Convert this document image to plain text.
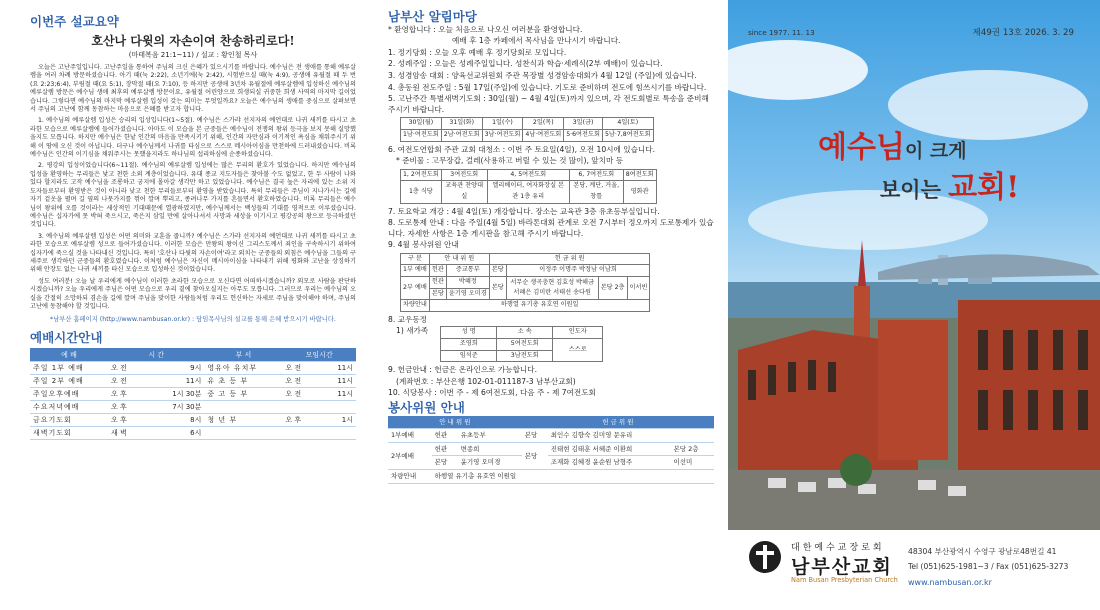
이번주 설교요약
호산나 다윗의 자손이여 찬송하리로다!
(마태복음 21:1~11) / 설교 : 황인철 목사

오늘은 고난주일입니다. 고난주일을 통하여 주님의 크신 은혜가 있으시기를 바랍니다. 예수님은 전 생애를 통해 예루살렘을 여러 차례 방문하셨습니다. 아기 때(눅 2:22), 소년기에(눅 2:42), 시험받으실 때(눅 4:9), 공생애 유월절 때 두 번(요 2:23;6:4), 부림절 때(요 5:1), 장막절 때(요 7:10), 등 하지만 공생애 3년차 유월절에 예루살렘에 입성하신 예수님의 예루살렘 방문은 예수님 생애 최후의 예루살렘 방문이요, 유월절 어린양으로 희생되실 귀중한 희생 사역의 마지막 길이었습니다. 그렇다면 예수님의 마지막 예루살렘 입성이 갖는 의미는 무엇일까요? 오늘은 예수님의 생애를 중심으로 살펴보면서 주님의 고난에 함께 동참하는 마음으로 은혜를 받고자 합니다.

1. 예수님의 예루살렘 입성은 승리의 입성입니다(1~5절). 예수님은 스가랴 선지자의 예언대로 나귀 새끼를 타시고 초라한 모습으로 예루살렘에 들어가셨습니다. 아마도 이 모습을 본 군중들은 예수님이 전쟁의 왕위 등극을 보지 못해 실망했을지도 모릅니다. 하지만 예수님은 한낱 인간의 마음을 만족시키기 위해, 인간의 자만심과 이기적인 욕심을 채워주시기 위해 이 땅에 오신 것이 아닙니다. 더구나 예수님께서 나귀를 타심으로 스스로 메시아이심을 만천하에 드러내셨습니다. 비록 예수님은 인간의 이기심을 채워주시는 못했을지라도 하나님의 섭리하심에 순종하셨습니다.

2. 평강의 입성이었습니다(6~11절). 예수님의 예루살렘 입성에는 많은 무리의 환호가 있었습니다. 하지만 예수님의 입성을 환영하는 무리들은 낯고 천한 소외 계층이었습니다. 유대 종교 지도자들은 찾아볼 수도 없었고, 한 두 사람이 나와 있다 할지라도 고작 예수님을 조롱하고 궁지에 몰아갈 생각만 하고 있었습니다. 예수님은 결국 높은 자리에 있는 소위 지도자들로부터 환영받은 것이 아니라 낮고 천한 무리들로부터 환영을 받았습니다. 특히 무리들은 주님이 지나가시는 길에 자기 겉옷을 펼며 길 옆의 나뭇가지를 꺾어 깔며 뿌리고, 종려나무 가지를 흔들면서 환호하였습니다. 비록 무리들은 예수님이 왕위에 오를 것이라는 세상적인 기대때문에 열광하였지만, 예수님께서는 백성들의 기대를 영적으로 이루셨습니다. 예수님은 십자가에 못 박혀 죽으시고, 죽은지 삼일 만에 살아나셔서 사망과 세상을 이기시고 평강공의 왕으로 등극하셨던 것입니다.

3. 예수님의 예루살렘 입성은 어떤 의미와 교훈을 줍니까? 예수님은 스가랴 선지자의 예언대로 나귀 새끼를 타시고 초라한 모습으로 예루살렘 성으로 들어가셨습니다. 이러한 모습은 만왕의 왕이신 그리스도께서 죄인을 구속하시기 위하여 십자가에 죽으실 것을 나타내신 것입니다. 특히 '호산나 다윗의 자손이여'라고 외치는 군중들의 외침은 예수님을 그들의 구세주로 생각하던 군중들의 환호였습니다. 이처럼 예수님은 자신이 메시아이심을 나타내기 위해 평화와 고난을 상징하기 위해 안장도 없는 나귀 새끼를 타신 모습으로 입성하신 것이었습니다.

성도 여러분! 오늘 날 우리에게 예수님이 이러한 초라한 모습으로 오신다면 어떠하시겠습니까? 외모로 사람을 판단하시겠습니까? 오늘 우리에게 주님은 어떤 모습으로 우리 곁에 찾아오실지는 아무도 모릅니다. 그러므로 우리는 예수님의 오실을 간절히 소망하되 겸손을 길에 깔며 주님을 맞이한 사람들처럼 우리도 헌신하는 자세로 주님을 맞이해야 하며, 주님의 고난에 동참해야 할 것입니다.

*남부산 홈페이지 (http://www.nambusan.or.kr) : 담임목사님의 설교를 통해 은혜 받으시기 바랍니다.
예배시간안내
예 배	시 간		부 서	모임시간	
주일 1부 예배	오 전	9시	영유아 유치부	오 전	11시
주일 2부 예배	오 전	11시	유 초 등 부	오 전	11시
주일오후예배	오 후	1시 30분	중 고 등 부	오 전	11시
수요저녁예배	오 후	7시 30분			
금요기도회	오 후	8시	청 년 부	오 후	1시
새벽기도회	새 벽	6시			
남부산 알림마당
* 환영합니다 : 오늘 처음으로 나오신 여러분을 환영합니다.
예배 후 1층 카페에서 목사님을 만나시기 바랍니다.
1. 정기당회 : 오늘 오후 예배 후 정기당회로 모입니다.
2. 성례주일 : 오늘은 성례주일입니다. 성찬식과 학습·세례식(2부 예배)이 있습니다.
3. 성경암송 대회 : 양육선교위원회 주관 목장별 성경암송대회가 4월 12일 (주일)에 있습니다.
4. 총동원 전도주일 : 5월 17일(주일)에 있습니다. 기도로 준비하며 전도에 힘쓰시기를 바랍니다.
5. 고난주간 특별새벽기도회 : 30일(월) ~ 4월 4일(토)까지 있으며, 각 전도회별로 특송을 준비해 주시기 바랍니다.
30일(월)	31일(화)	1일(수)	2일(목)	3일(금)	4일(토)
1남·여전도회	2남·여전도회	3남·여전도회	4남·여전도회	5·6여전도회	5남·7,8여전도회
6. 여전도연합회 주관 교회 대청소 : 이번 주 토요일(4일), 오전 10시에 있습니다.
* 준비물 : 고무장갑, 걸레(사용하고 버릴 수 있는 것 많이), 앞치마 등
1, 2여전도회	3여전도회	4, 5여전도회	6, 7여전도회	8여전도회
1층 식당	교육관 찬양대실	엘리베이터, 여자화장실 본관 1층 유리	본당, 계단, 거울, 창틀	영화관
7. 토요학교 개강 : 4월 4일(토) 개강합니다. 장소는 교육관 3층 유초등부실입니다.
8. 도로통제 안내 : 다음 주일(4월 5일) 바라톤대회 관계로 오전 7시부터 정오까지 도로통제가 있습니다. 자세한 사항은 1층 게시판을 참고해 주시기 바랍니다.
9. 4월 봉사위원 안내
구 분	안 내 위 원		헌 금 위 원			
1부 예배	헌관	증교통부	본당	이정주 이명주 박정남 이남희		
2부 예배	헌관	박혜정	본당	서무순 생곡충현 김효성 박해금 서혜은 김미란 서태선 송다원	본당 2층	이서빈
	본당	윤기영 오미경				
차량안내	하행열 유기총 유호연 이원일					
8. 교우동정
1) 새가족	성 명	소 속	인도자
조영희	5여전도회	스스로
임석준	3남전도회	
9. 헌금안내 : 헌금은 온라인으로 가능합니다.
(계좌번호 : 부산은행 102-01-011187-3 남부산교회)
10. 식당봉사 : 이번 주 - 제 6여전도회, 다음 주 - 제 7여전도회
봉사위원 안내
안 내 위 원			헌 금 위 원		
1부예배	헌관	유초등부	본당	최인수 김향숙 김미영 문유리	
2부예배	헌관	변종희	본당	진태현 김태훈 서혜준 이환희	본당 2층
	본당	윤기영 오미경		조재화 김혜경 윤순원 남형주	이선미
차량안내	하행열 유기총 유호연 이원일				
since 1977. 11. 13	제49권 13호 2026. 3. 29
예수님이 크게
보이는 교회!
대한예수교장로회
남부산교회
Nam Busan Presbyterian Church
48304 부산광역시 수영구 광남로48번길 41
Tel (051)625-1981~3 / Fax (051)625-3273
www.nambusan.or.kr
